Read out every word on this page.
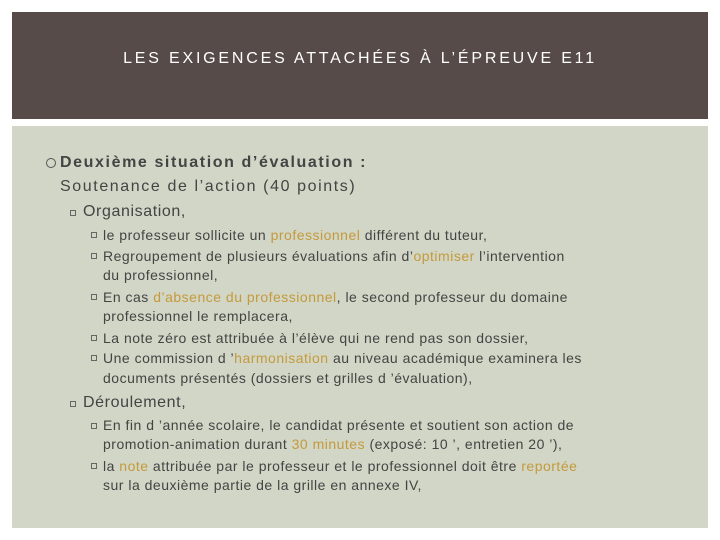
LES EXIGENCES ATTACHÉES À L’ÉPREUVE E11
Deuxième situation d’évaluation :
Soutenance de l’action (40 points)
Organisation,
le professeur sollicite un professionnel différent du tuteur,
Regroupement de plusieurs évaluations afin d’optimiser l’intervention
du professionnel,
En cas d’absence du professionnel, le second professeur du domaine
professionnel le remplacera,
La note zéro est attribuée à l’élève qui ne rend pas son dossier,
Une commission d ’harmonisation au niveau académique examinera les
documents présentés (dossiers et grilles d ’évaluation),
Déroulement,
En fin d ’année scolaire, le candidat présente et soutient son action de
promotion-animation durant 30 minutes (exposé: 10 ’, entretien 20 ’),
la note attribuée par le professeur et le professionnel doit être reportée
sur la deuxième partie de la grille en annexe IV,
